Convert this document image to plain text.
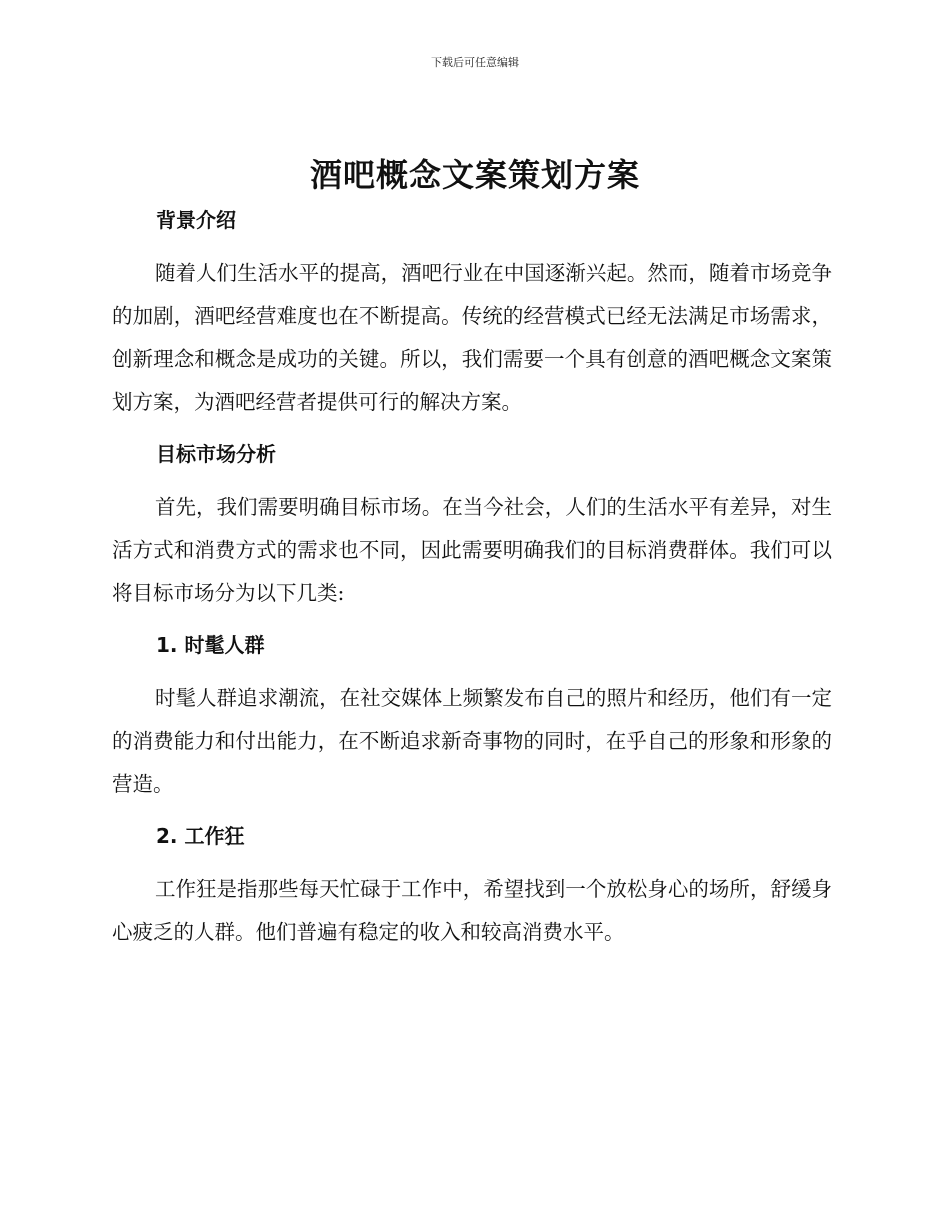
下载后可任意编辑
酒吧概念文案策划方案

背景介绍

随着人们生活水平的提高，酒吧行业在中国逐渐兴起。然而，随着市场竞争的加剧，酒吧经营难度也在不断提高。传统的经营模式已经无法满足市场需求，创新理念和概念是成功的关键。所以，我们需要一个具有创意的酒吧概念文案策划方案，为酒吧经营者提供可行的解决方案。

目标市场分析

首先，我们需要明确目标市场。在当今社会，人们的生活水平有差异，对生活方式和消费方式的需求也不同，因此需要明确我们的目标消费群体。我们可以将目标市场分为以下几类:

1. 时髦人群

时髦人群追求潮流，在社交媒体上频繁发布自己的照片和经历，他们有一定的消费能力和付出能力，在不断追求新奇事物的同时，在乎自己的形象和形象的营造。

2. 工作狂

工作狂是指那些每天忙碌于工作中，希望找到一个放松身心的场所，舒缓身心疲乏的人群。他们普遍有稳定的收入和较高消费水平。
